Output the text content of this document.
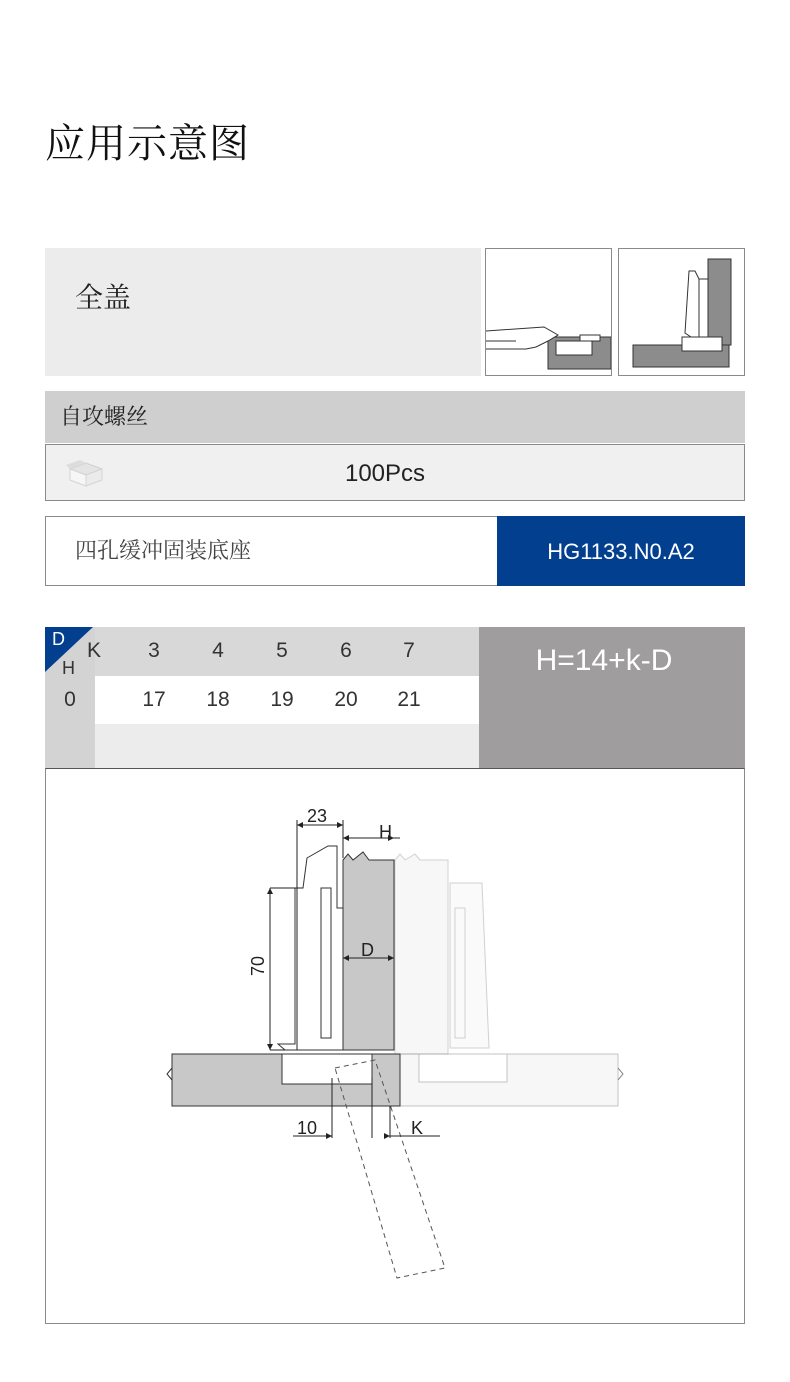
应用示意图
全盖
自攻螺丝
100Pcs
四孔缓冲固装底座	HG1133.N0.A2
D
H
K	3	4	5	6	7
0	17	18	19	20	21
H=14+k-D
23
H
70
D
10	K
